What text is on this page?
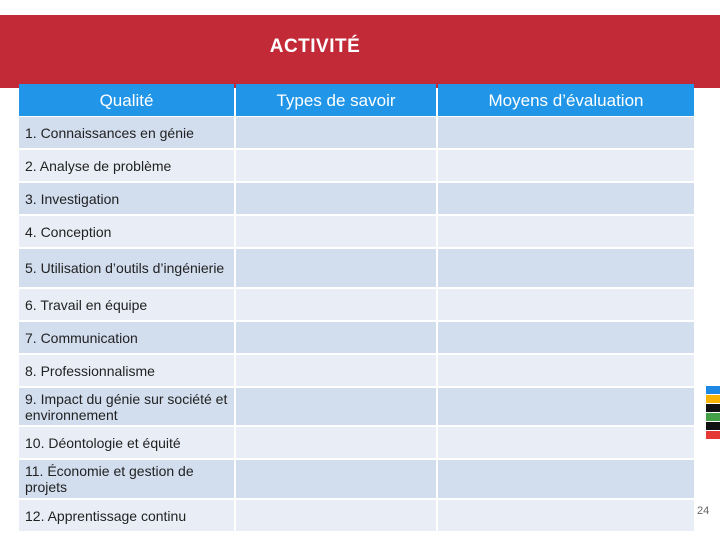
ACTIVITÉ
24
Qualité	Types de savoir	Moyens d’évaluation
1. Connaissances en génie
2. Analyse de problème
3. Investigation
4. Conception
5. Utilisation d’outils d’ingénierie
6. Travail en équipe
7. Communication
8. Professionnalisme
9. Impact du génie sur société et environnement
10. Déontologie et équité
11. Économie et gestion de projets
12. Apprentissage continu
